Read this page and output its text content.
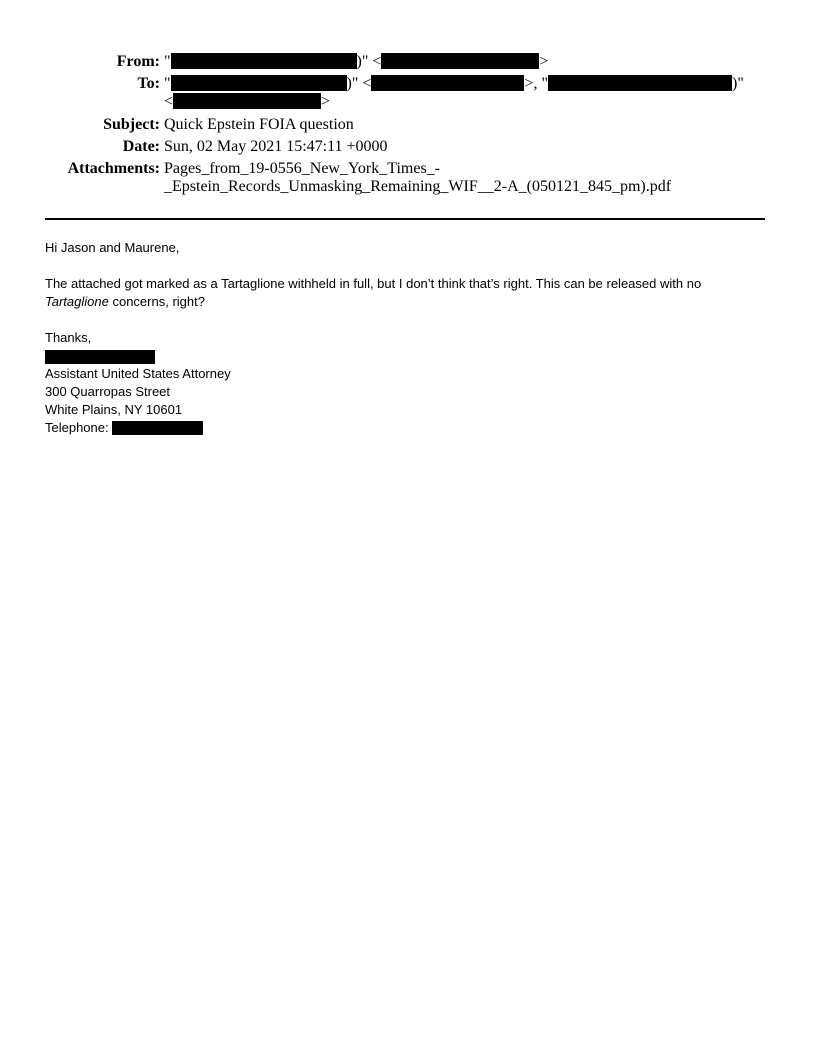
From: "	)" <	>
To: "	)" <	>, "	)"
<	>
Subject: Quick Epstein FOIA question
Date: Sun, 02 May 2021 15:47:11 +0000
Attachments: Pages_from_19-0556_New_York_Times_-
_Epstein_Records_Unmasking_Remaining_WIF__2-A_(050121_845_pm).pdf
Hi Jason and Maurene,
The attached got marked as a Tartaglione withheld in full, but I don’t think that’s right. This can be released with no
Tartaglione concerns, right?
Thanks,
Assistant United States Attorney
300 Quarropas Street
White Plains, NY 10601
Telephone:
